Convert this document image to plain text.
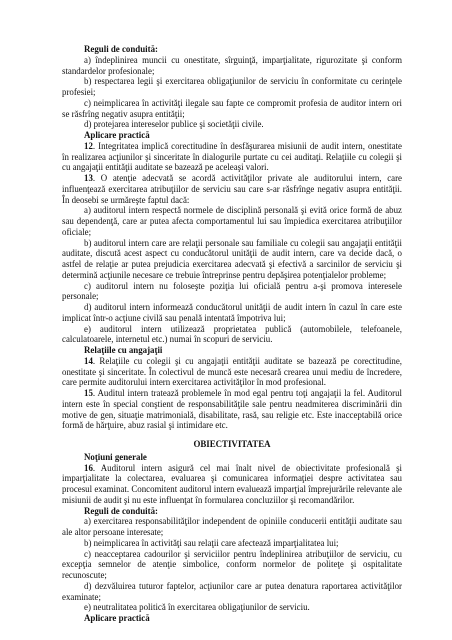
Reguli de conduită:

a) îndeplinirea muncii cu onestitate, sîrguinţă, imparţialitate, rigurozitate şi conform standardelor profesionale;

b) respectarea legii şi exercitarea obligaţiunilor de serviciu în conformitate cu cerinţele profesiei;

c) neimplicarea în activităţi ilegale sau fapte ce compromit profesia de auditor intern ori se răsfrîng negativ asupra entităţii;

d) protejarea intereselor publice şi societăţii civile.

Aplicare practică

12. Integritatea implică corectitudine în desfăşurarea misiunii de audit intern, onestitate în realizarea acţiunilor şi sinceritate în dialogurile purtate cu cei auditaţi. Relaţiile cu colegii şi cu angajaţii entităţii auditate se bazează pe aceleaşi valori.

13. O atenţie adecvată se acordă activităţilor private ale auditorului intern, care influenţează exercitarea atribuţiilor de serviciu sau care s-ar răsfrînge negativ asupra entităţii. În deosebi se urmăreşte faptul dacă:

a) auditorul intern respectă normele de disciplină personală şi evită orice formă de abuz sau dependenţă, care ar putea afecta comportamentul lui sau împiedica exercitarea atribuţiilor oficiale;

b) auditorul intern care are relaţii personale sau familiale cu colegii sau angajaţii entităţii auditate, discută acest aspect cu conducătorul unităţii de audit intern, care va decide dacă, o astfel de relaţie ar putea prejudicia exercitarea adecvată şi efectivă a sarcinilor de serviciu şi determină acţiunile necesare ce trebuie întreprinse pentru depăşirea potenţialelor probleme;

c) auditorul intern nu foloseşte poziţia lui oficială pentru a-şi promova interesele personale;

d) auditorul intern informează conducătorul unităţii de audit intern în cazul în care este implicat într-o acţiune civilă sau penală intentată împotriva lui;

e) auditorul intern utilizează proprietatea publică (automobilele, telefoanele, calculatoarele, internetul etc.) numai în scopuri de serviciu.

Relaţiile cu angajaţii

14. Relaţiile cu colegii şi cu angajaţii entităţii auditate se bazează pe corectitudine, onestitate şi sinceritate. În colectivul de muncă este necesară crearea unui mediu de încredere, care permite auditorului intern exercitarea activităţilor în mod profesional.

15. Auditul intern tratează problemele în mod egal pentru toţi angajaţii la fel. Auditorul intern este în special conştient de responsabilităţile sale pentru neadmiterea discriminării din motive de gen, situaţie matrimonială, disabilitate, rasă, sau religie etc. Este inacceptabilă orice formă de hărţuire, abuz rasial şi intimidare etc.

OBIECTIVITATEA

Noţiuni generale

16. Auditorul intern asigură cel mai înalt nivel de obiectivitate profesională şi imparţialitate la colectarea, evaluarea şi comunicarea informaţiei despre activitatea sau procesul examinat. Concomitent auditorul intern evaluează imparţial împrejurările relevante ale misiunii de audit şi nu este influenţat în formularea concluziilor şi recomandărilor.

Reguli de conduită:

a) exercitarea responsabilităţilor independent de opiniile conducerii entităţii auditate sau ale altor persoane interesate;

b) neimplicarea în activităţi sau relaţii care afectează imparţialitatea lui;

c) neacceptarea cadourilor şi serviciilor pentru îndeplinirea atribuţiilor de serviciu, cu excepţia semnelor de atenţie simbolice, conform normelor de politeţe şi ospitalitate recunoscute;

d) dezvăluirea tuturor faptelor, acţiunilor care ar putea denatura raportarea activităţilor examinate;

e) neutralitatea politică în exercitarea obligaţiunilor de serviciu.

Aplicare practică
